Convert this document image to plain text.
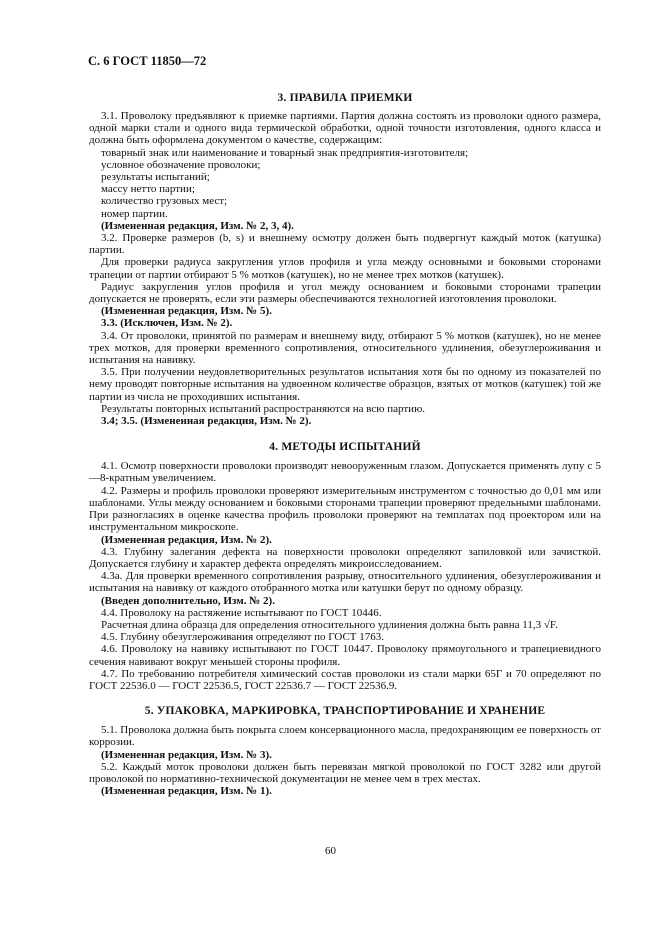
С. 6 ГОСТ 11850—72
3. ПРАВИЛА ПРИЕМКИ

3.1. Проволоку предъявляют к приемке партиями. Партия должна состоять из проволоки одного размера, одной марки стали и одного вида термической обработки, одной точности изготовления, одного класса и должна быть оформлена документом о качестве, содержащим:

товарный знак или наименование и товарный знак предприятия-изготовителя;

условное обозначение проволоки;

результаты испытаний;

массу нетто партии;

количество грузовых мест;

номер партии.

(Измененная редакция, Изм. № 2, 3, 4).

3.2. Проверке размеров (b, s) и внешнему осмотру должен быть подвергнут каждый моток (катушка) партии.

Для проверки радиуса закругления углов профиля и угла между основными и боковыми сторонами трапеции от партии отбирают 5 % мотков (катушек), но не менее трех мотков (катушек).

Радиус закругления углов профиля и угол между основанием и боковыми сторонами трапеции допускается не проверять, если эти размеры обеспечиваются технологией изготовления проволоки.

(Измененная редакция, Изм. № 5).

3.3. (Исключен, Изм. № 2).

3.4. От проволоки, принятой по размерам и внешнему виду, отбирают 5 % мотков (катушек), но не менее трех мотков, для проверки временного сопротивления, относительного удлинения, обезуглероживания и испытания на навивку.

3.5. При получении неудовлетворительных результатов испытания хотя бы по одному из показателей по нему проводят повторные испытания на удвоенном количестве образцов, взятых от мотков (катушек) той же партии из числа не проходивших испытания.

Результаты повторных испытаний распространяются на всю партию.

3.4; 3.5. (Измененная редакция, Изм. № 2).

4. МЕТОДЫ ИСПЫТАНИЙ

4.1. Осмотр поверхности проволоки производят невооруженным глазом. Допускается применять лупу с 5—8-кратным увеличением.

4.2. Размеры и профиль проволоки проверяют измерительным инструментом с точностью до 0,01 мм или шаблонами. Углы между основанием и боковыми сторонами трапеции проверяют предельными шаблонами. При разногласиях в оценке качества профиль проволоки проверяют на темплатах под проектором или на инструментальном микроскопе.

(Измененная редакция, Изм. № 2).

4.3. Глубину залегания дефекта на поверхности проволоки определяют запиловкой или зачисткой. Допускается глубину и характер дефекта определять микроисследованием.

4.3а. Для проверки временного сопротивления разрыву, относительного удлинения, обезуглероживания и испытания на навивку от каждого отобранного мотка или катушки берут по одному образцу.

(Введен дополнительно, Изм. № 2).

4.4. Проволоку на растяжение испытывают по ГОСТ 10446.

Расчетная длина образца для определения относительного удлинения должна быть равна 11,3 √F.

4.5. Глубину обезуглероживания определяют по ГОСТ 1763.

4.6. Проволоку на навивку испытывают по ГОСТ 10447. Проволоку прямоугольного и трапециевидного сечения навивают вокруг меньшей стороны профиля.

4.7. По требованию потребителя химический состав проволоки из стали марки 65Г и 70 определяют по ГОСТ 22536.0 — ГОСТ 22536.5, ГОСТ 22536.7 — ГОСТ 22536.9.

5. УПАКОВКА, МАРКИРОВКА, ТРАНСПОРТИРОВАНИЕ И ХРАНЕНИЕ

5.1. Проволока должна быть покрыта слоем консервационного масла, предохраняющим ее поверхность от коррозии.

(Измененная редакция, Изм. № 3).

5.2. Каждый моток проволоки должен быть перевязан мягкой проволокой по ГОСТ 3282 или другой проволокой по нормативно-технической документации не менее чем в трех местах.

(Измененная редакция, Изм. № 1).

60
